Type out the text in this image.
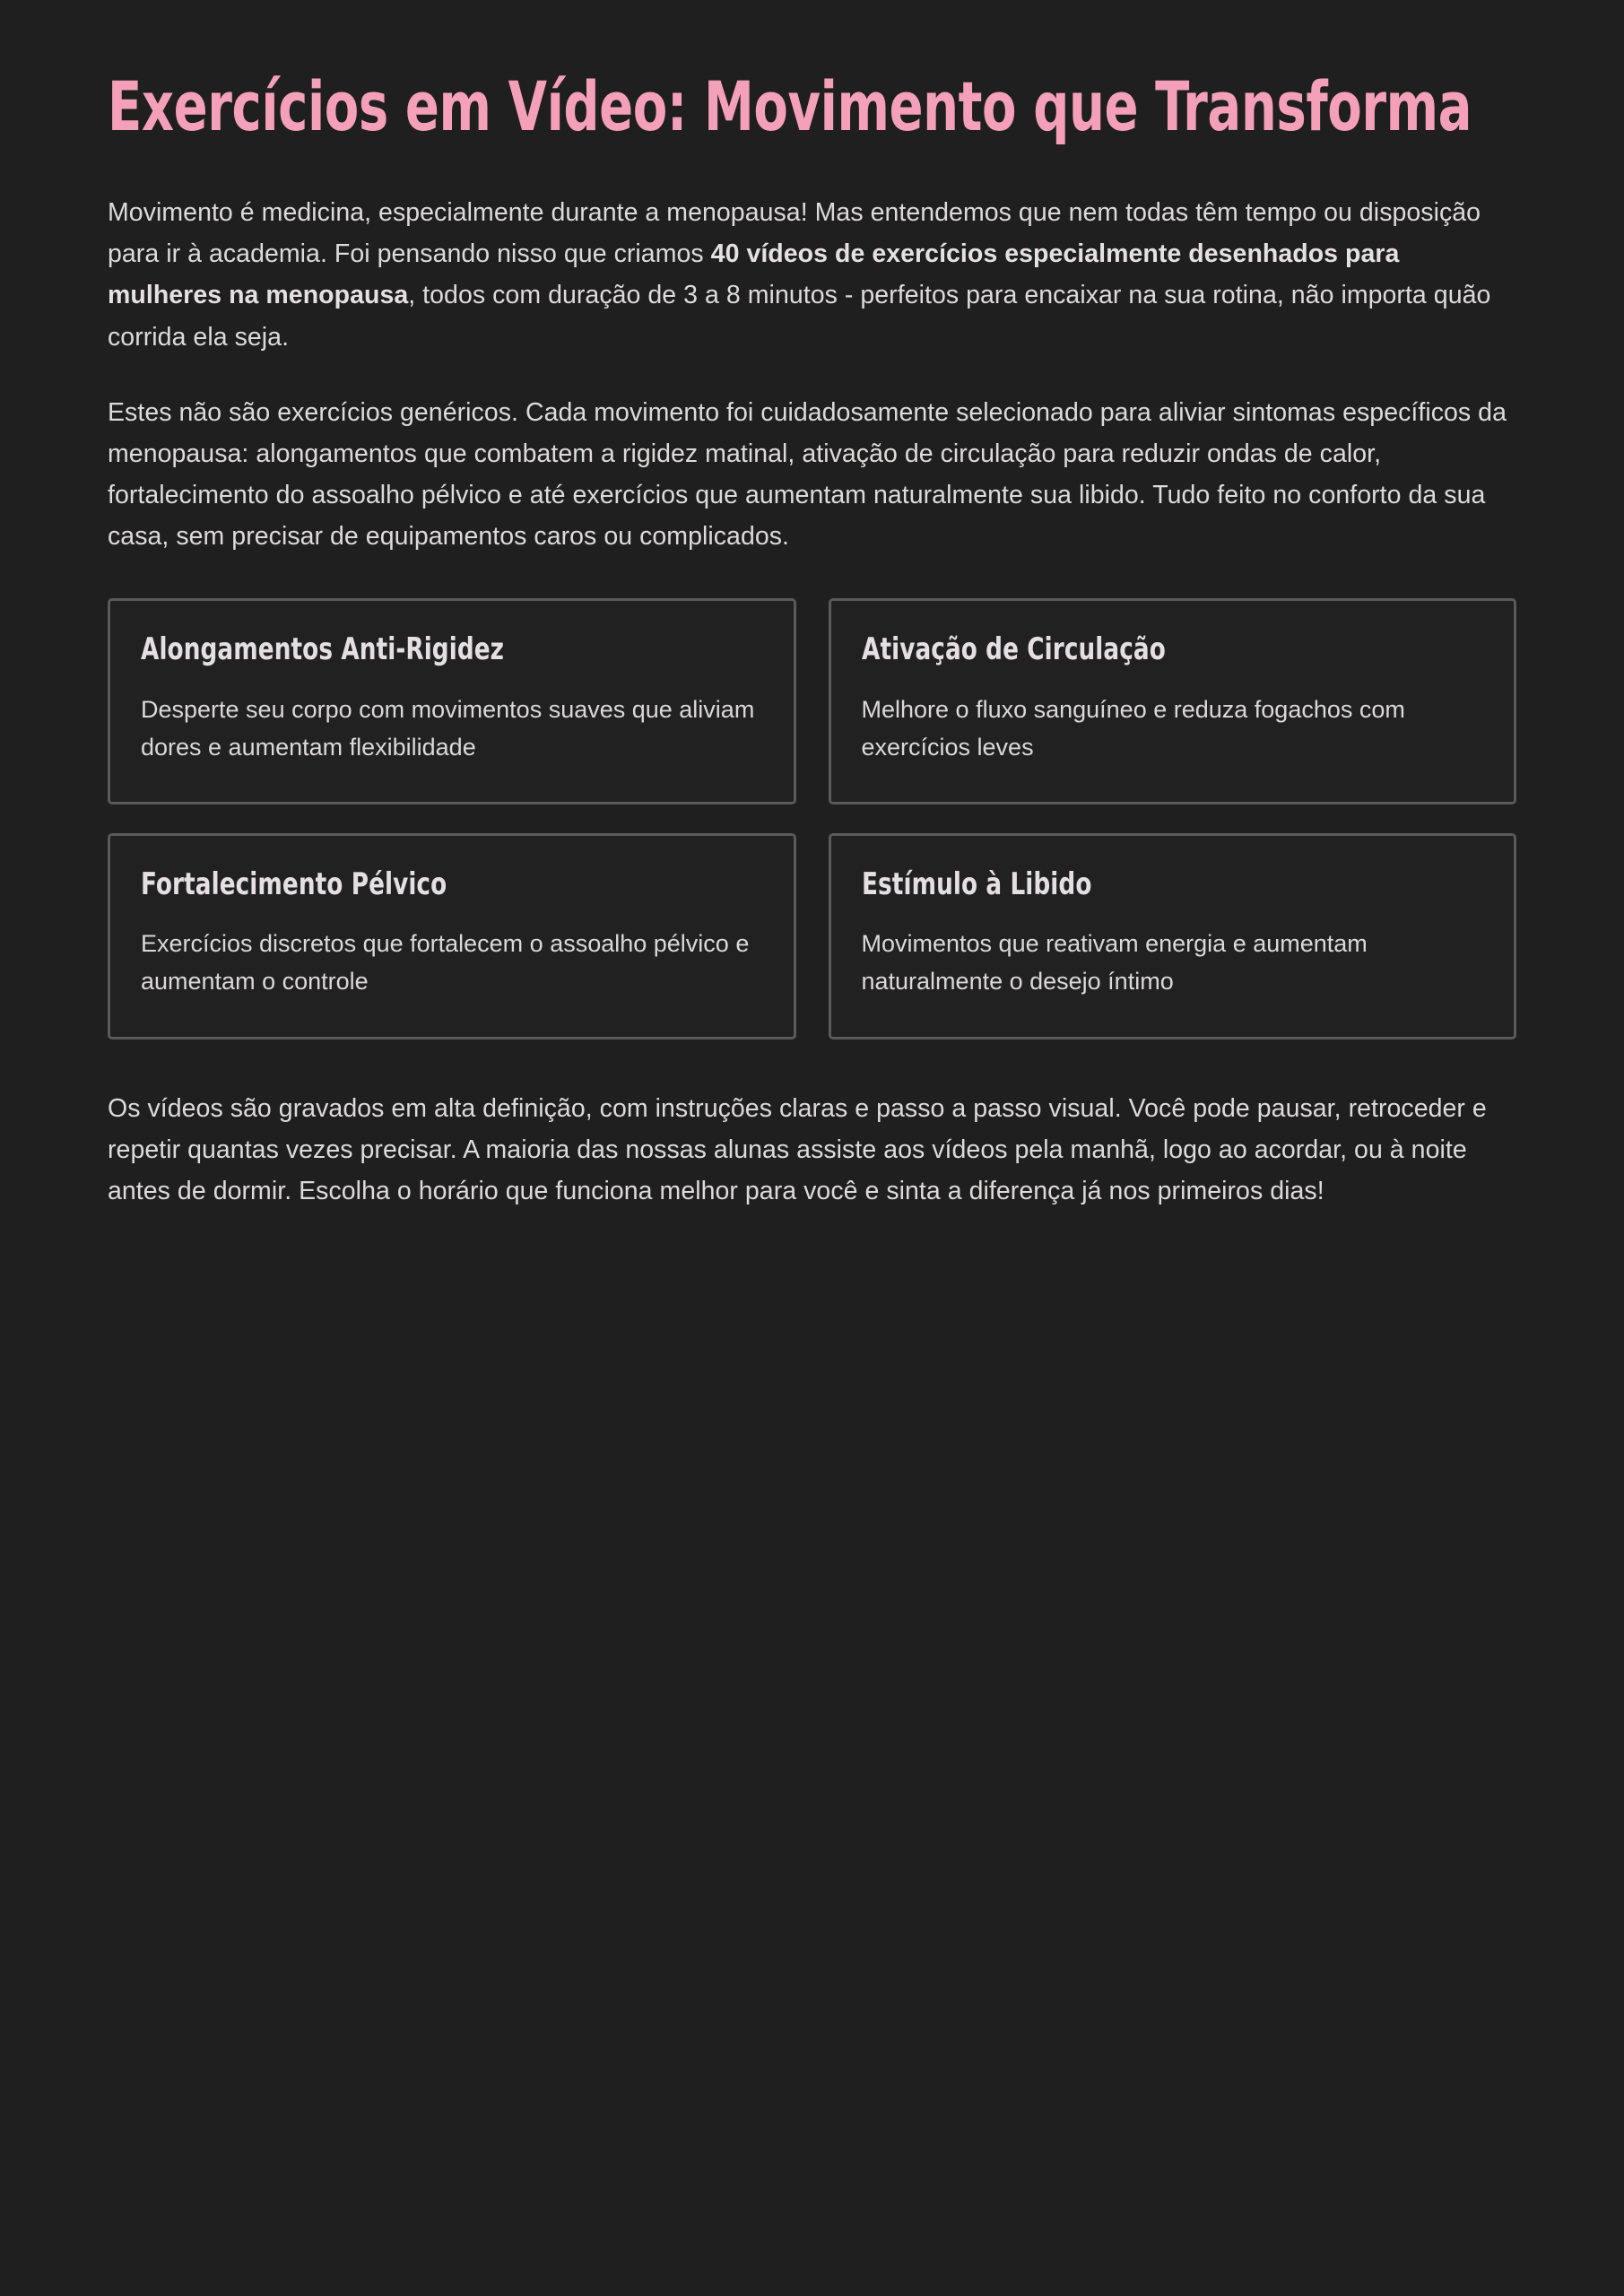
Exercícios em Vídeo: Movimento que Transforma

Movimento é medicina, especialmente durante a menopausa! Mas entendemos que nem todas têm tempo ou disposição para ir à academia. Foi pensando nisso que criamos 40 vídeos de exercícios especialmente desenhados para mulheres na menopausa, todos com duração de 3 a 8 minutos - perfeitos para encaixar na sua rotina, não importa quão corrida ela seja.

Estes não são exercícios genéricos. Cada movimento foi cuidadosamente selecionado para aliviar sintomas específicos da menopausa: alongamentos que combatem a rigidez matinal, ativação de circulação para reduzir ondas de calor, fortalecimento do assoalho pélvico e até exercícios que aumentam naturalmente sua libido. Tudo feito no conforto da sua casa, sem precisar de equipamentos caros ou complicados.

Alongamentos Anti-Rigidez

Desperte seu corpo com movimentos suaves que aliviam dores e aumentam flexibilidade

Ativação de Circulação

Melhore o fluxo sanguíneo e reduza fogachos com exercícios leves

Fortalecimento Pélvico

Exercícios discretos que fortalecem o assoalho pélvico e aumentam o controle

Estímulo à Libido

Movimentos que reativam energia e aumentam naturalmente o desejo íntimo

Os vídeos são gravados em alta definição, com instruções claras e passo a passo visual. Você pode pausar, retroceder e repetir quantas vezes precisar. A maioria das nossas alunas assiste aos vídeos pela manhã, logo ao acordar, ou à noite antes de dormir. Escolha o horário que funciona melhor para você e sinta a diferença já nos primeiros dias!
